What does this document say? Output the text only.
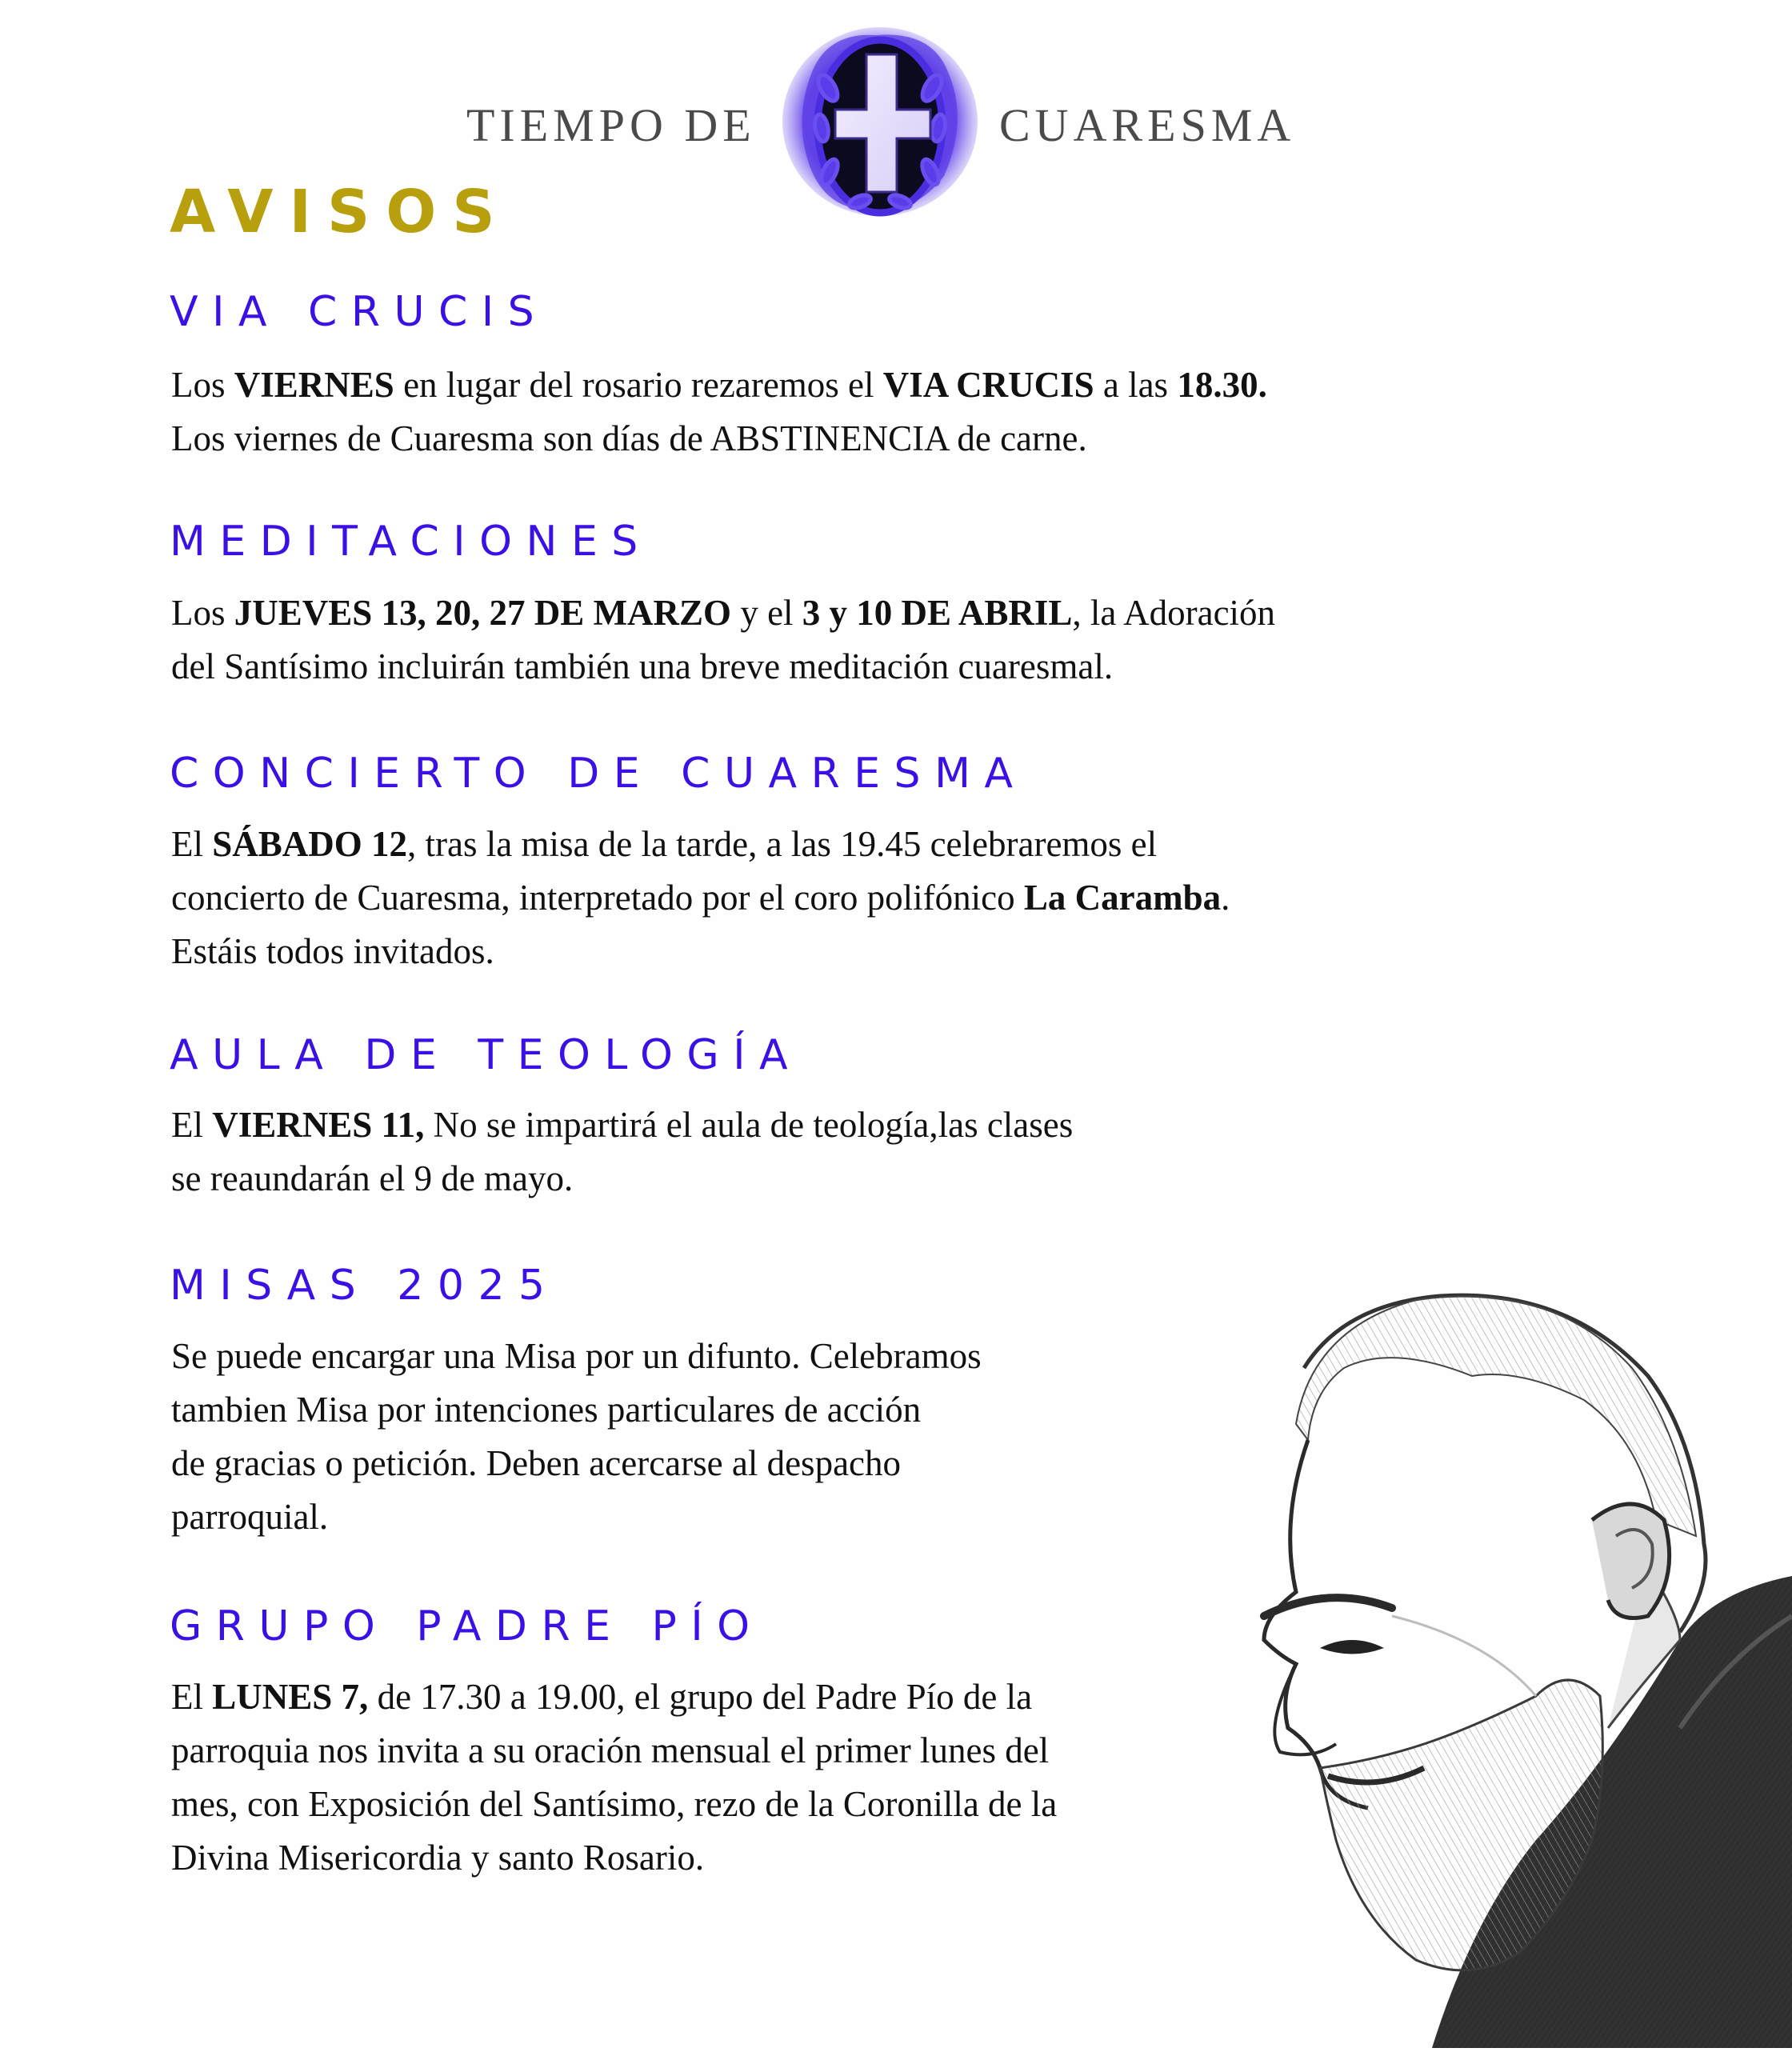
TIEMPO DE	CUARESMA
AVISOS
VIA CRUCIS
Los VIERNES en lugar del rosario rezaremos el VIA CRUCIS a las 18.30.
Los viernes de Cuaresma son días de ABSTINENCIA de carne.
MEDITACIONES
Los JUEVES 13, 20, 27 DE MARZO y el 3 y 10 DE ABRIL, la Adoración
del Santísimo incluirán también una breve meditación cuaresmal.
CONCIERTO DE CUARESMA
El SÁBADO 12, tras la misa de la tarde, a las 19.45 celebraremos el
concierto de Cuaresma, interpretado por el coro polifónico La Caramba.
Estáis todos invitados.
AULA DE TEOLOGÍA
El VIERNES 11, No se impartirá el aula de teología,las clases
se reaundarán el 9 de mayo.
MISAS 2025
Se puede encargar una Misa por un difunto. Celebramos
tambien Misa por intenciones particulares de acción
de gracias o petición. Deben acercarse al despacho
parroquial.
GRUPO PADRE PÍO
El LUNES 7, de 17.30 a 19.00, el grupo del Padre Pío de la
parroquia nos invita a su oración mensual el primer lunes del
mes, con Exposición del Santísimo, rezo de la Coronilla de la
Divina Misericordia y santo Rosario.
